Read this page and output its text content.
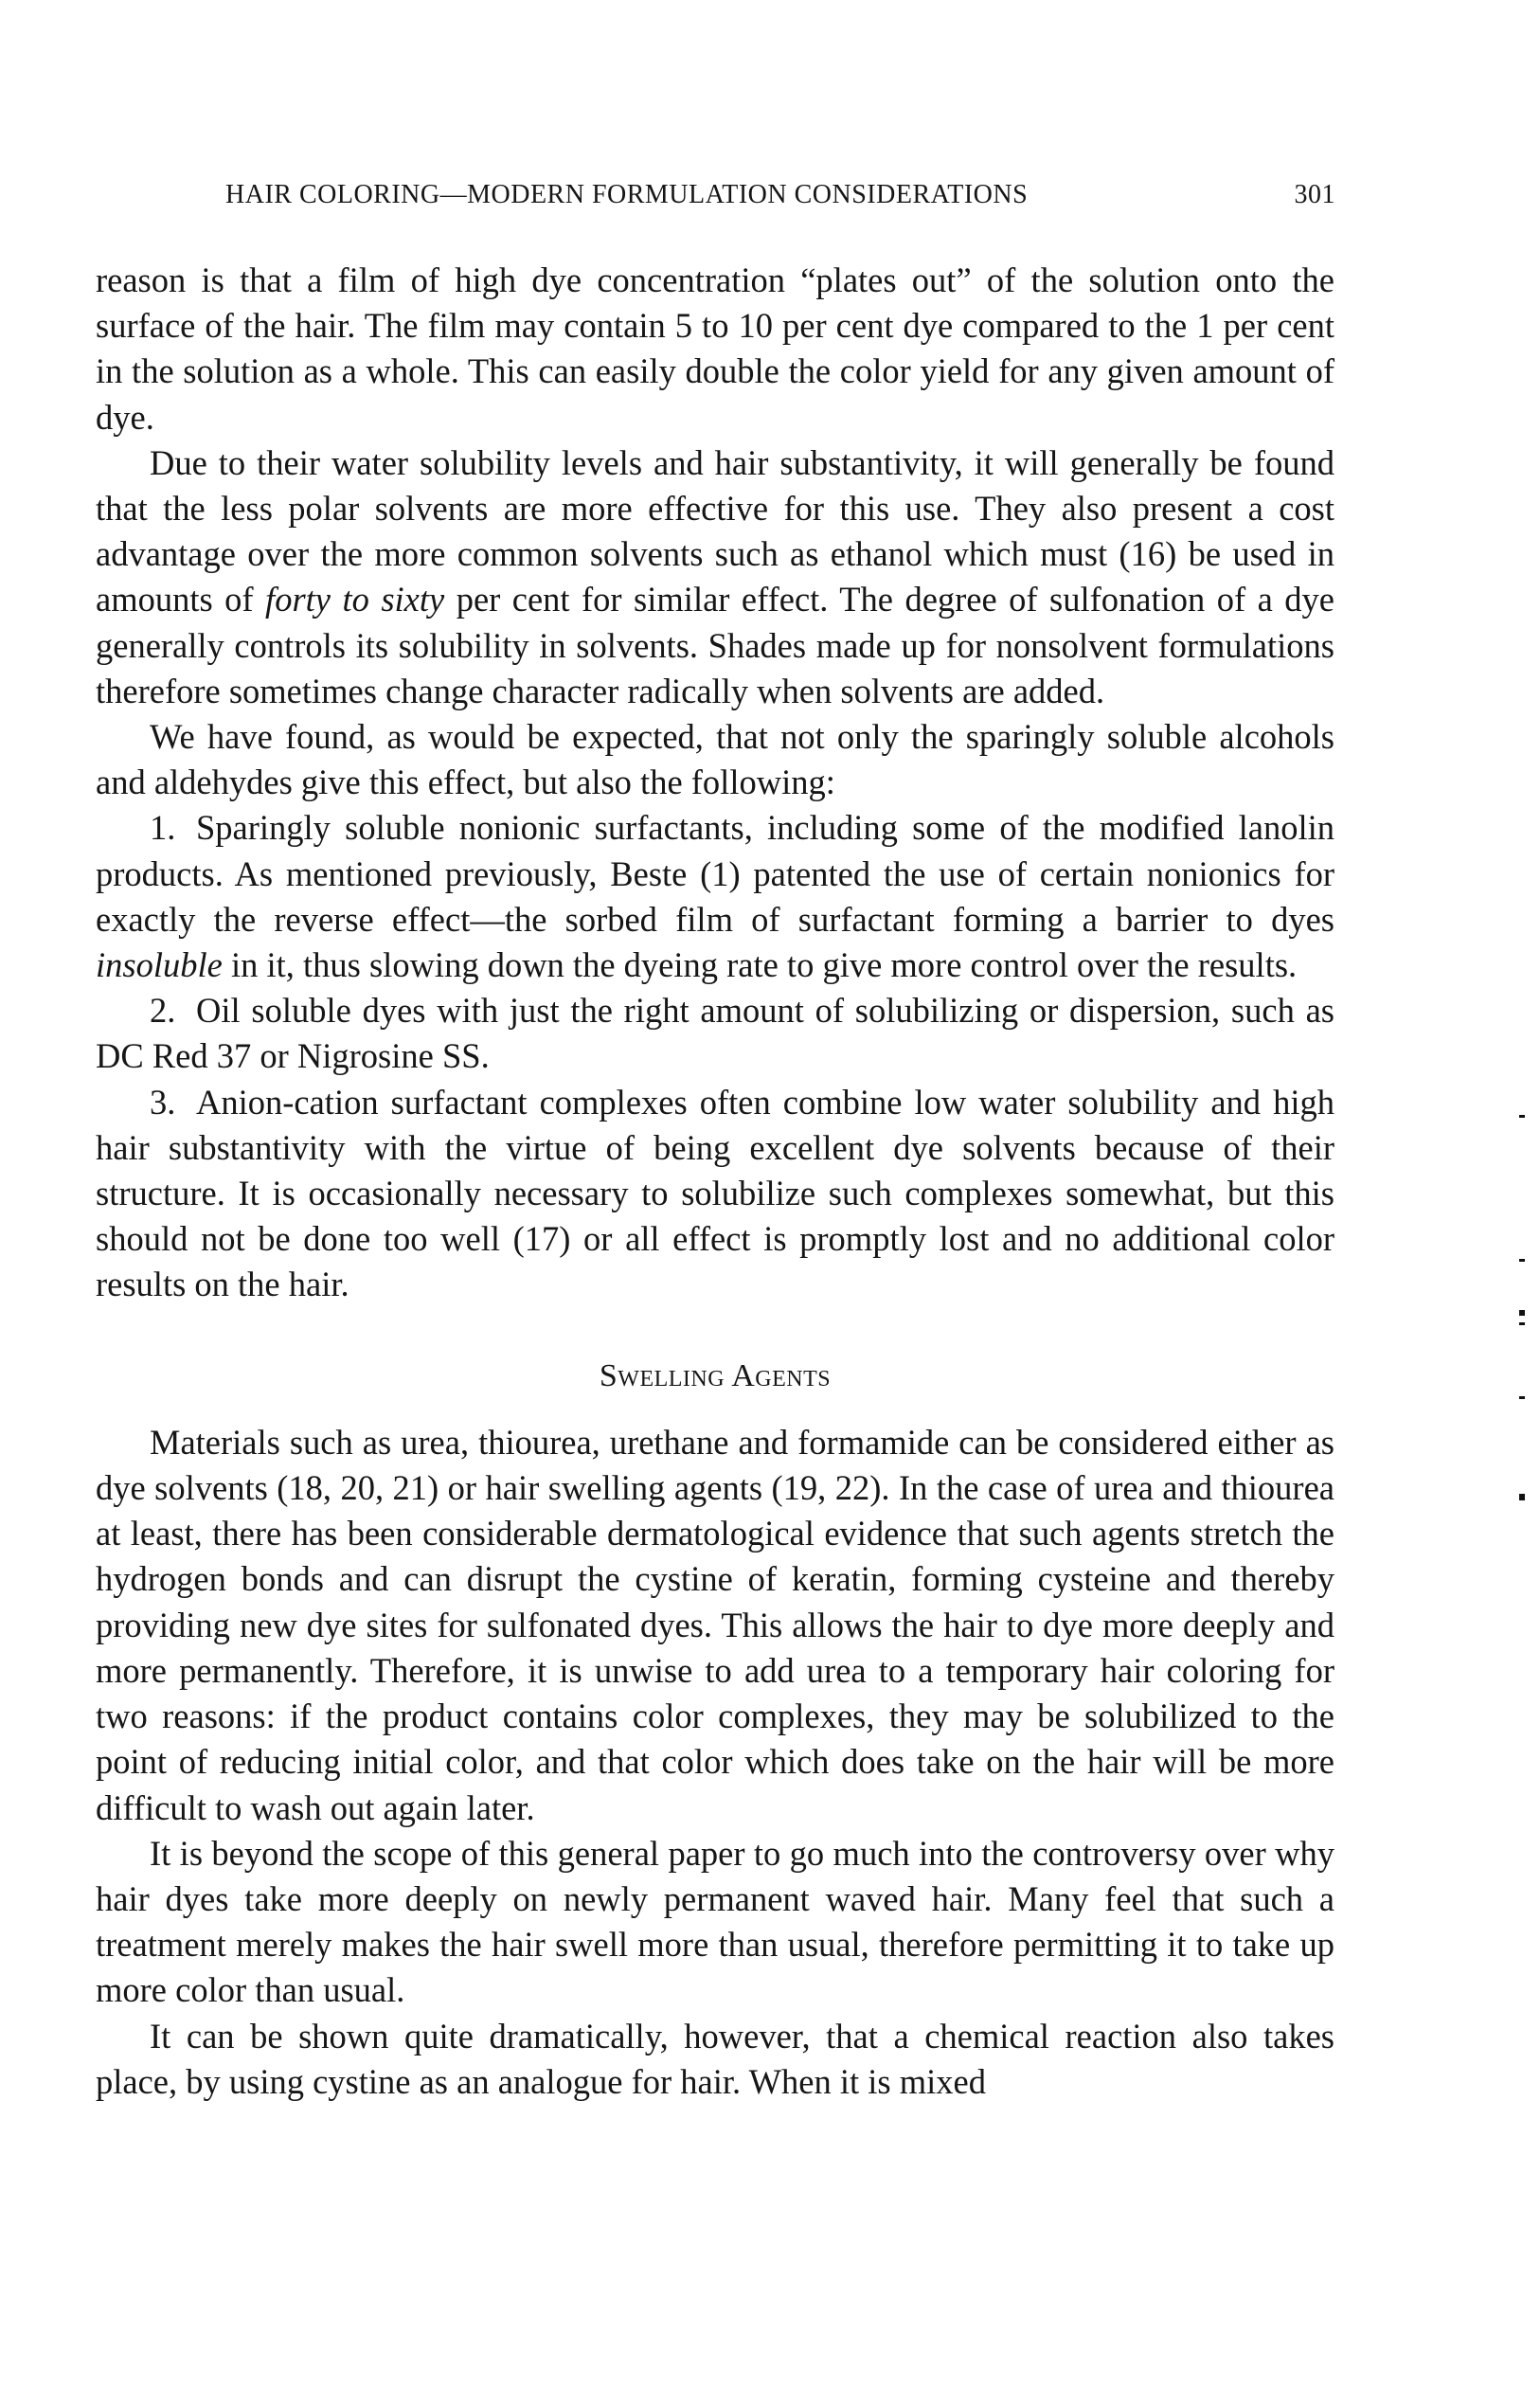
HAIR COLORING—MODERN FORMULATION CONSIDERATIONS	301

reason is that a film of high dye concentration “plates out” of the solution onto the surface of the hair. The film may contain 5 to 10 per cent dye compared to the 1 per cent in the solution as a whole. This can easily double the color yield for any given amount of dye.

Due to their water solubility levels and hair substantivity, it will generally be found that the less polar solvents are more effective for this use. They also present a cost advantage over the more common solvents such as ethanol which must (16) be used in amounts of forty to sixty per cent for similar effect. The degree of sulfonation of a dye generally controls its solubility in solvents. Shades made up for nonsolvent formulations therefore sometimes change character radically when solvents are added.

We have found, as would be expected, that not only the sparingly soluble alcohols and aldehydes give this effect, but also the following:

1. Sparingly soluble nonionic surfactants, including some of the modified lanolin products. As mentioned previously, Beste (1) patented the use of certain nonionics for exactly the reverse effect—the sorbed film of surfactant forming a barrier to dyes insoluble in it, thus slowing down the dyeing rate to give more control over the results.

2. Oil soluble dyes with just the right amount of solubilizing or dispersion, such as DC Red 37 or Nigrosine SS.

3. Anion-cation surfactant complexes often combine low water solubility and high hair substantivity with the virtue of being excellent dye solvents because of their structure. It is occasionally necessary to solubilize such complexes somewhat, but this should not be done too well (17) or all effect is promptly lost and no additional color results on the hair.

Swelling Agents

Materials such as urea, thiourea, urethane and formamide can be considered either as dye solvents (18, 20, 21) or hair swelling agents (19, 22). In the case of urea and thiourea at least, there has been considerable dermatological evidence that such agents stretch the hydrogen bonds and can disrupt the cystine of keratin, forming cysteine and thereby providing new dye sites for sulfonated dyes. This allows the hair to dye more deeply and more permanently. Therefore, it is unwise to add urea to a temporary hair coloring for two reasons: if the product contains color complexes, they may be solubilized to the point of reducing initial color, and that color which does take on the hair will be more difficult to wash out again later.

It is beyond the scope of this general paper to go much into the controversy over why hair dyes take more deeply on newly permanent waved hair. Many feel that such a treatment merely makes the hair swell more than usual, therefore permitting it to take up more color than usual.

It can be shown quite dramatically, however, that a chemical reaction also takes place, by using cystine as an analogue for hair. When it is mixed
